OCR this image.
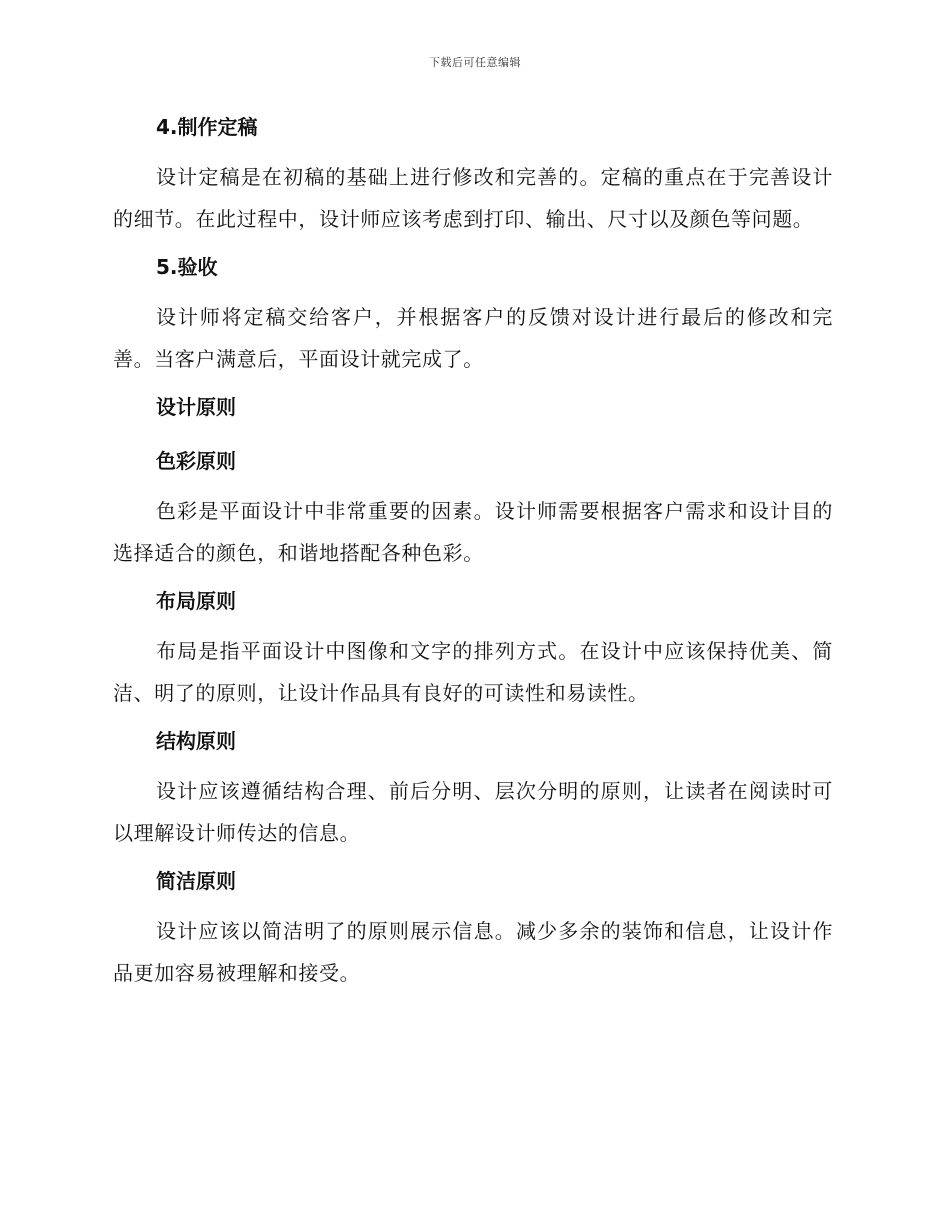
下载后可任意编辑
4.制作定稿

设计定稿是在初稿的基础上进行修改和完善的。定稿的重点在于完善设计的细节。在此过程中，设计师应该考虑到打印、输出、尺寸以及颜色等问题。

5.验收

设计师将定稿交给客户，并根据客户的反馈对设计进行最后的修改和完善。当客户满意后，平面设计就完成了。

设计原则
色彩原则

色彩是平面设计中非常重要的因素。设计师需要根据客户需求和设计目的选择适合的颜色，和谐地搭配各种色彩。

布局原则

布局是指平面设计中图像和文字的排列方式。在设计中应该保持优美、简洁、明了的原则，让设计作品具有良好的可读性和易读性。

结构原则

设计应该遵循结构合理、前后分明、层次分明的原则，让读者在阅读时可以理解设计师传达的信息。

简洁原则

设计应该以简洁明了的原则展示信息。减少多余的装饰和信息，让设计作品更加容易被理解和接受。
